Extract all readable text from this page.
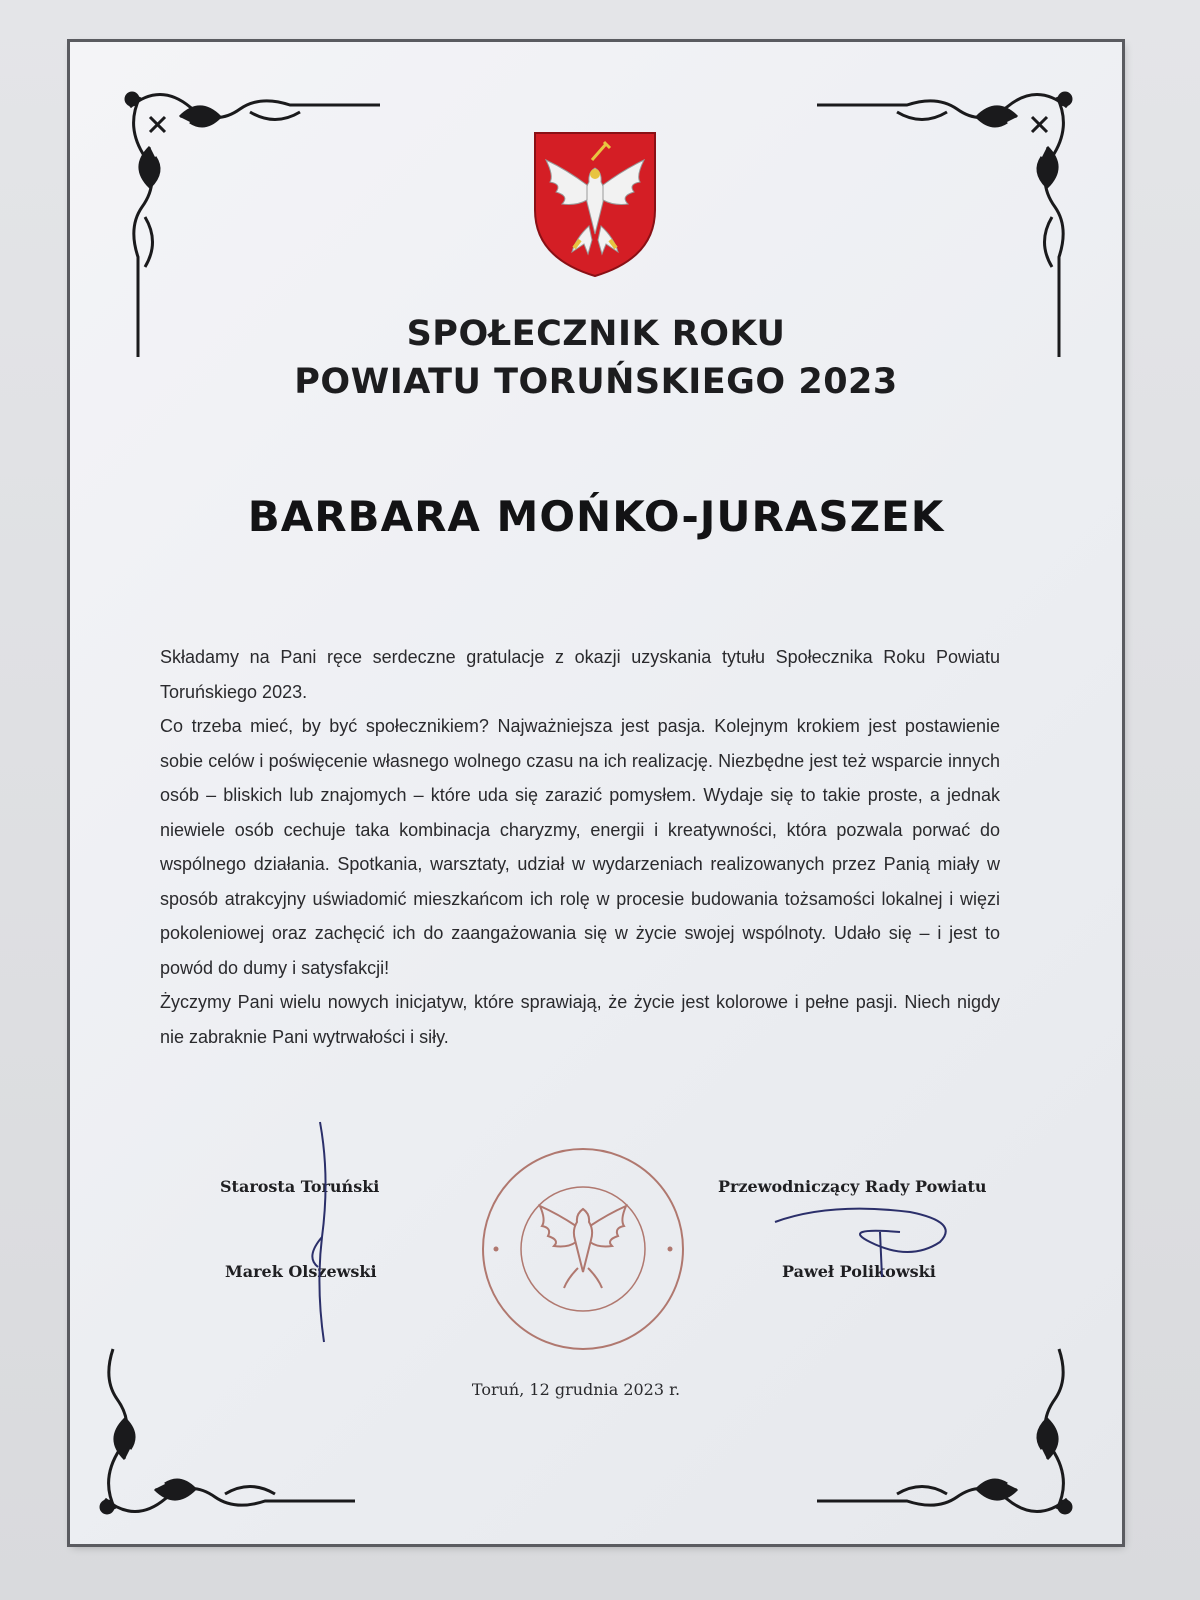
SPOŁECZNIK ROKU
POWIATU TORUŃSKIEGO 2023
BARBARA MOŃKO-JURASZEK

Składamy na Pani ręce serdeczne gratulacje z okazji uzyskania tytułu Społecznika Roku Powiatu Toruńskiego 2023.

Co trzeba mieć, by być społecznikiem? Najważniejsza jest pasja. Kolejnym krokiem jest postawienie sobie celów i poświęcenie własnego wolnego czasu na ich realizację. Niezbędne jest też wsparcie innych osób – bliskich lub znajomych – które uda się zarazić pomysłem. Wydaje się to takie proste, a jednak niewiele osób cechuje taka kombinacja charyzmy, energii i kreatywności, która pozwala porwać do wspólnego działania. Spotkania, warsztaty, udział w wydarzeniach realizowanych przez Panią miały w sposób atrakcyjny uświadomić mieszkańcom ich rolę w procesie budowania tożsamości lokalnej i więzi pokoleniowej oraz zachęcić ich do zaangażowania się w życie swojej wspólnoty. Udało się – i jest to powód do dumy i satysfakcji!

Życzymy Pani wielu nowych inicjatyw, które sprawiają, że życie jest kolorowe i pełne pasji. Niech nigdy nie zabraknie Pani wytrwałości i siły.

Starosta Toruński
Marek Olszewski
Przewodniczący Rady Powiatu
Paweł Polikowski
Toruń, 12 grudnia 2023 r.
